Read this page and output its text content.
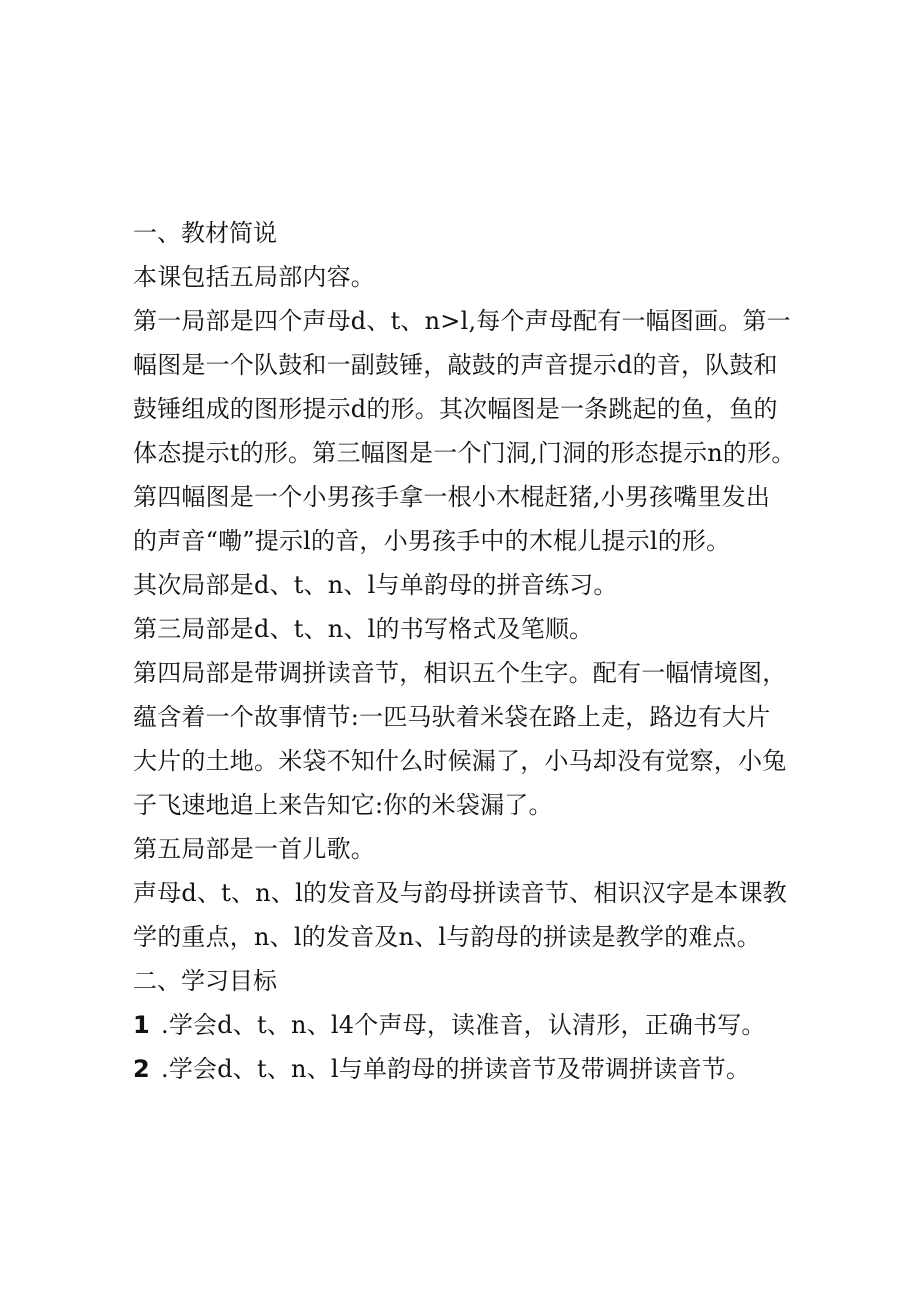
一、教材简说
本课包括五局部内容。
第一局部是四个声母d、t、n>l,每个声母配有一幅图画。第一
幅图是一个队鼓和一副鼓锤，敲鼓的声音提示d的音，队鼓和
鼓锤组成的图形提示d的形。其次幅图是一条跳起的鱼，鱼的
体态提示t的形。第三幅图是一个门洞,门洞的形态提示n的形。
第四幅图是一个小男孩手拿一根小木棍赶猪,小男孩嘴里发出
的声音“嘞”提示l的音，小男孩手中的木棍儿提示l的形。
其次局部是d、t、n、l与单韵母的拼音练习。
第三局部是d、t、n、l的书写格式及笔顺。
第四局部是带调拼读音节，相识五个生字。配有一幅情境图，
蕴含着一个故事情节:一匹马驮着米袋在路上走，路边有大片
大片的土地。米袋不知什么时候漏了，小马却没有觉察，小兔
子飞速地追上来告知它:你的米袋漏了。
第五局部是一首儿歌。
声母d、t、n、l的发音及与韵母拼读音节、相识汉字是本课教
学的重点，n、l的发音及n、l与韵母的拼读是教学的难点。
二、学习目标
1 .学会d、t、n、l4个声母，读准音，认清形，正确书写。
2 .学会d、t、n、l与单韵母的拼读音节及带调拼读音节。
